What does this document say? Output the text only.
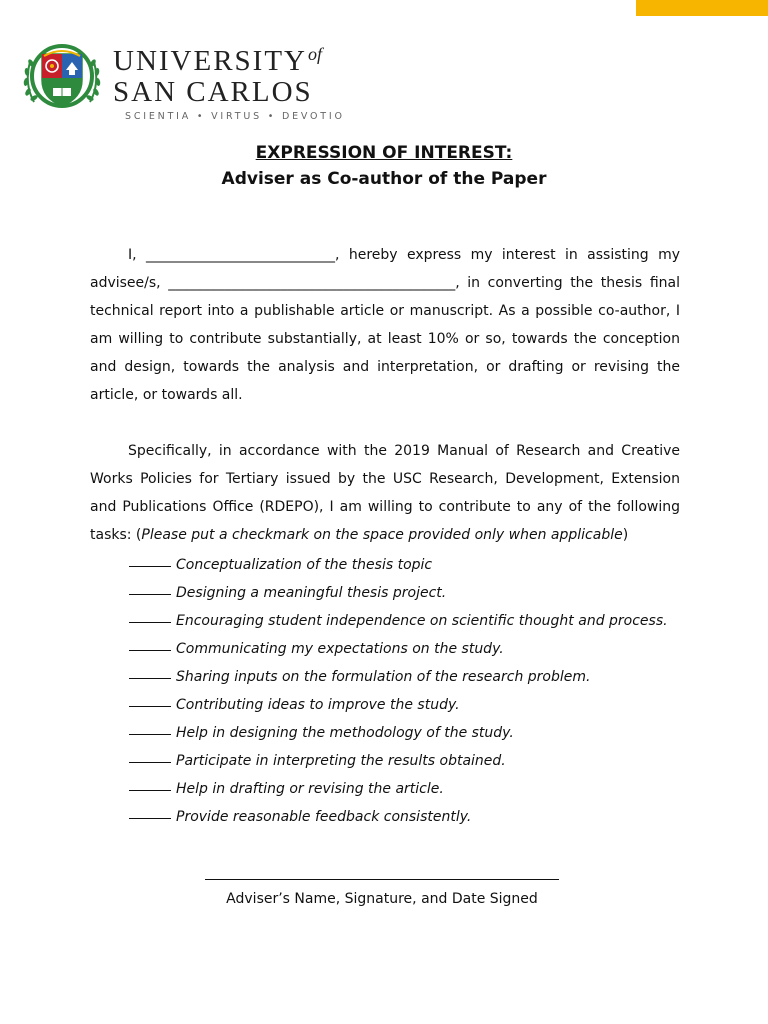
$UNIVERSITY^{of}$
SAN CARLOS
SCIENTIA • VIRTUS • DEVOTIO
EXPRESSION OF INTEREST:
Adviser as Co-author of the Paper
I, ___________________________, hereby express my interest in assisting my advisee/s, _________________________________________, in converting the thesis final technical report into a publishable article or manuscript. As a possible co-author, I am willing to contribute substantially, at least 10% or so, towards the conception and design, towards the analysis and interpretation, or drafting or revising the article, or towards all.
Specifically, in accordance with the 2019 Manual of Research and Creative Works Policies for Tertiary issued by the USC Research, Development, Extension and Publications Office (RDEPO), I am willing to contribute to any of the following tasks: (Please put a checkmark on the space provided only when applicable)
Conceptualization of the thesis topic
Designing a meaningful thesis project.
Encouraging student independence on scientific thought and process.
Communicating my expectations on the study.
Sharing inputs on the formulation of the research problem.
Contributing ideas to improve the study.
Help in designing the methodology of the study.
Participate in interpreting the results obtained.
Help in drafting or revising the article.
Provide reasonable feedback consistently.
Adviser’s Name, Signature, and Date Signed
